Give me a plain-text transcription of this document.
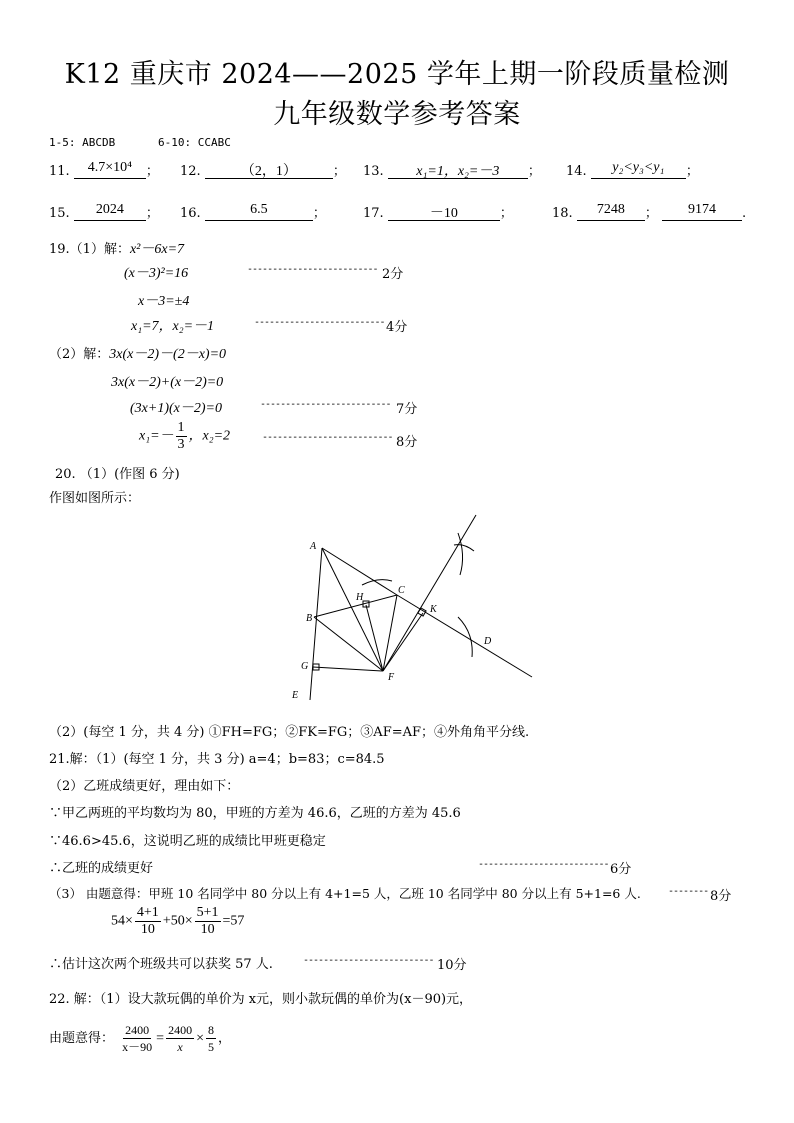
K12 重庆市 2024——2025 学年上期一阶段质量检测
九年级数学参考答案
1-5: ABCDB	6-10: CCABC
11. 4.7×10⁴ ； 12.	（2，1）	； 13. x₁=1，x₂=－3 ； 14. y₂<y₃<y₁ ；
15. 2024 ； 16.	6.5	；	17.	－10	；	18. 7248 ； 9174 .
19.（1）解：x²－6x=7
(x－3)²=16	-------------------------- 2分
x－3=±4
x₁=7，x₂=－1	-------------------------- 4分
（2）解：3x(x－2)－(2－x)=0
3x(x－2)+(x－2)=0
(3x+1)(x－2)=0	-------------------------- 7分
$x_1=- \frac{1}{3}$ ，x₂=2	-------------------------- 8分
20. （1）(作图 6 分)
作图如图所示：
A
B
C
D
E
F
G
H
K
（2）(每空 1 分，共 4 分) ①FH=FG；②FK=FG；③AF=AF；④外角角平分线.
21.解：（1）(每空 1 分，共 3 分) a=4；b=83；c=84.5
（2）乙班成绩更好，理由如下：
∵甲乙两班的平均数均为 80，甲班的方差为 46.6，乙班的方差为 45.6
∵46.6>45.6，这说明乙班的成绩比甲班更稳定
∴乙班的成绩更好	-------------------------- 6分
（3） 由题意得：甲班 10 名同学中 80 分以上有 4+1=5 人，乙班 10 名同学中 80 分以上有 5+1=6 人.	-------- 8分
$54\times \frac{4+1}{10} +50\times \frac{5+1}{10} =57$
∴估计这次两个班级共可以获奖 57 人.	-------------------------- 10分
22. 解：（1）设大款玩偶的单价为 x元，则小款玩偶的单价为(x－90)元，
由题意得： $\frac{2400}{x-90} = \frac{2400}{x} \times \frac{8}{5}$ ，
